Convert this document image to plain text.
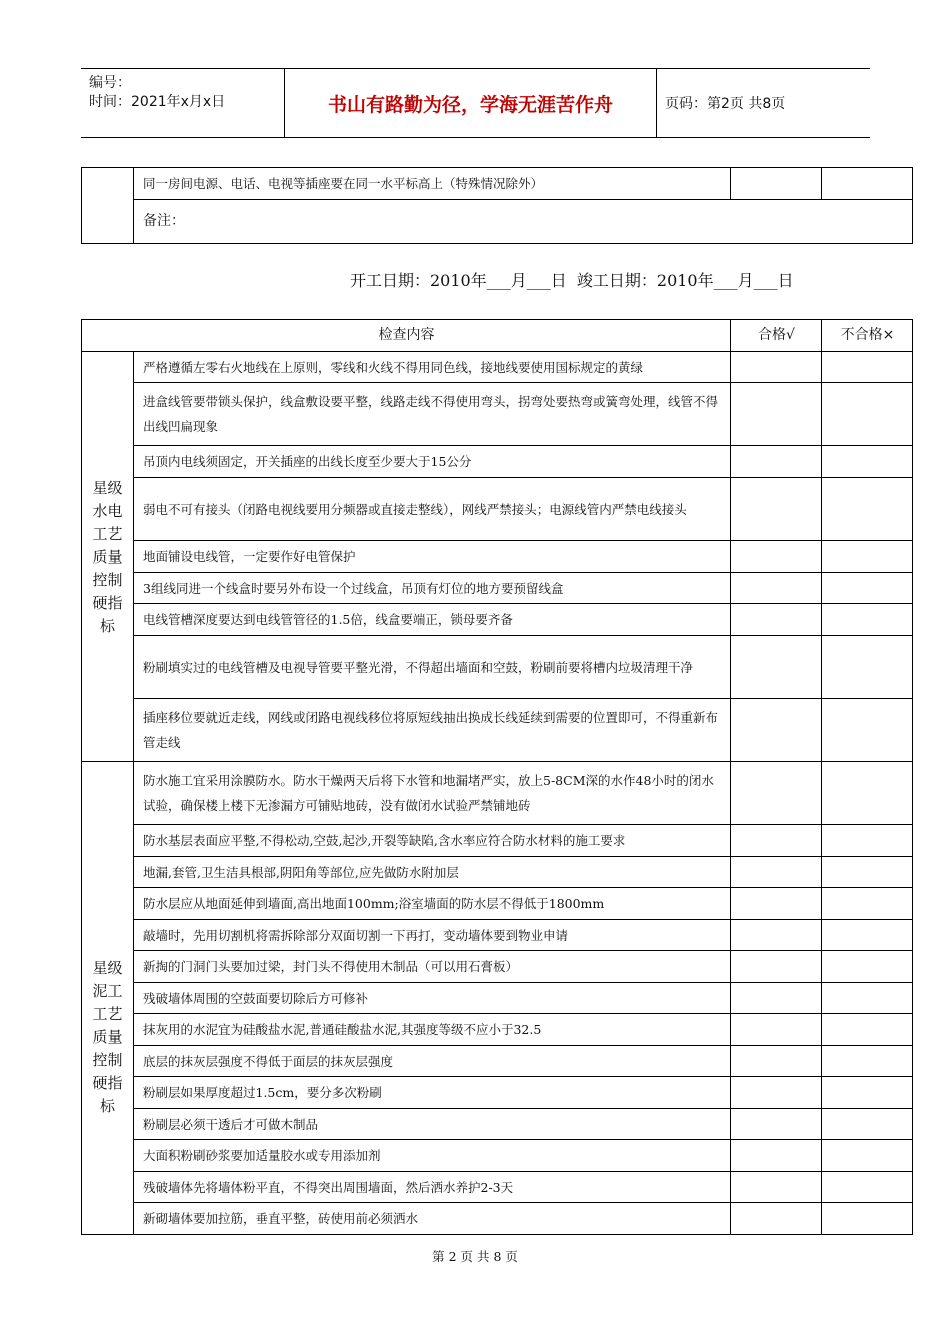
编号：
时间：2021年x月x日	书山有路勤为径，学海无涯苦作舟	页码：第2页 共8页
	同一房间电源、电话、电视等插座要在同一水平标高上（特殊情况除外）		
备注：
开工日期：2010年___月___日  竣工日期：2010年___月___日
检查内容		合格√	不合格×
星级水电工艺质量控制硬指标	严格遵循左零右火地线在上原则，零线和火线不得用同色线，接地线要使用国标规定的黄绿		
	进盒线管要带锁头保护，线盒敷设要平整，线路走线不得使用弯头，拐弯处要热弯或簧弯处理，线管不得出线凹扁现象		
	吊顶内电线须固定，开关插座的出线长度至少要大于15公分		
	弱电不可有接头（闭路电视线要用分频器或直接走整线），网线严禁接头；电源线管内严禁电线接头		
	地面铺设电线管，一定要作好电管保护		
	3组线同进一个线盒时要另外布设一个过线盒，吊顶有灯位的地方要预留线盒		
	电线管槽深度要达到电线管管径的1.5倍，线盒要端正，锁母要齐备		
	粉刷填实过的电线管槽及电视导管要平整光滑，不得超出墙面和空鼓，粉刷前要将槽内垃圾清理干净		
	插座移位要就近走线，网线或闭路电视线移位将原短线抽出换成长线延续到需要的位置即可，不得重新布管走线		
星级泥工工艺质量控制硬指标	防水施工宜采用涂膜防水。防水干燥两天后将下水管和地漏堵严实，放上5-8CM深的水作48小时的闭水试验，确保楼上楼下无渗漏方可铺贴地砖，没有做闭水试验严禁铺地砖		
	防水基层表面应平整,不得松动,空鼓,起沙,开裂等缺陷,含水率应符合防水材料的施工要求		
	地漏,套管,卫生洁具根部,阴阳角等部位,应先做防水附加层		
	防水层应从地面延伸到墙面,高出地面100mm;浴室墙面的防水层不得低于1800mm		
	敲墙时，先用切割机将需拆除部分双面切割一下再打，变动墙体要到物业申请		
	新掏的门洞门头要加过梁，封门头不得使用木制品（可以用石膏板）		
	残破墙体周围的空鼓面要切除后方可修补		
	抹灰用的水泥宜为硅酸盐水泥,普通硅酸盐水泥,其强度等级不应小于32.5		
	底层的抹灰层强度不得低于面层的抹灰层强度		
	粉刷层如果厚度超过1.5cm，要分多次粉刷		
	粉刷层必须干透后才可做木制品		
	大面积粉刷砂浆要加适量胶水或专用添加剂		
	残破墙体先将墙体粉平直，不得突出周围墙面，然后洒水养护2-3天		
	新砌墙体要加拉筋，垂直平整，砖使用前必须洒水		
第 2 页 共 8 页
